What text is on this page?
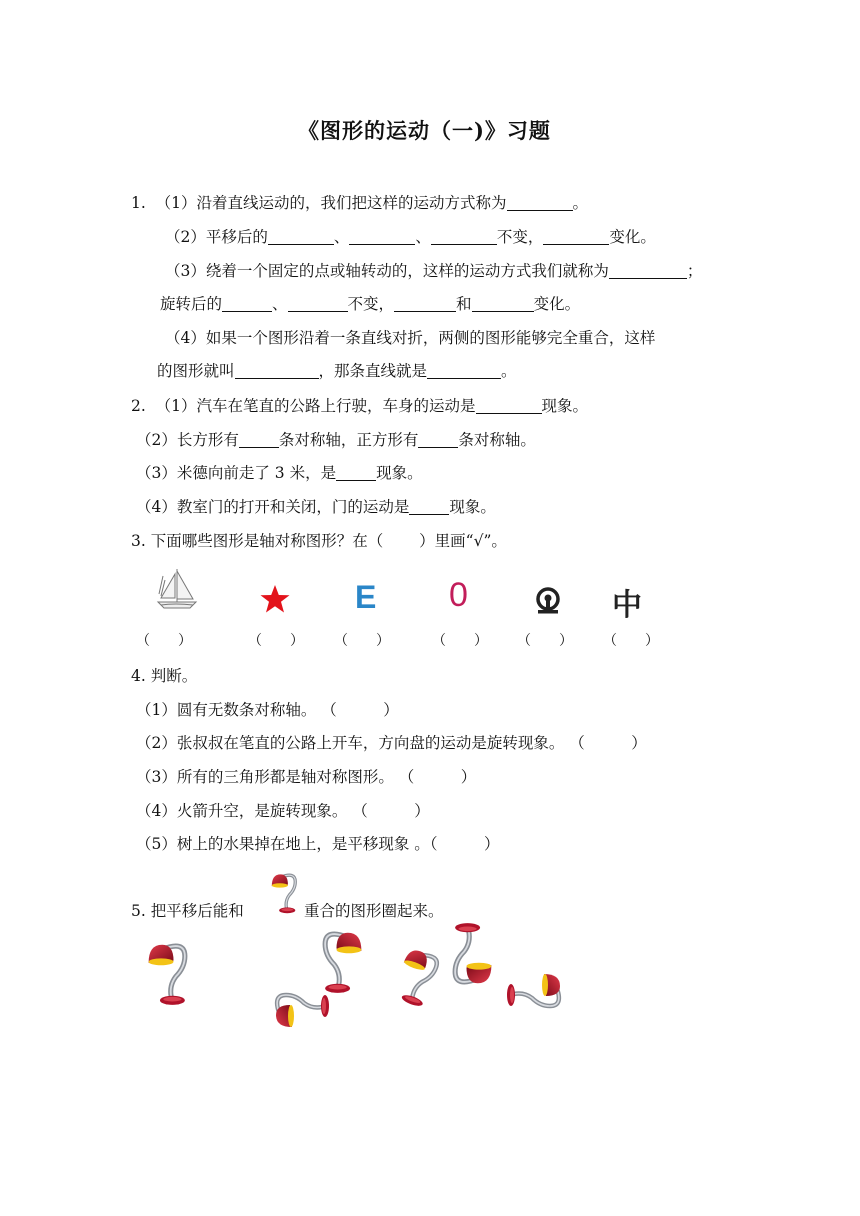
《图形的运动（一)》习题
1. （1）沿着直线运动的，我们把这样的运动方式称为	。
（2）平移后的	、	、	不变，	变化。
（3）绕着一个固定的点或轴转动的，这样的运动方式我们就称为	；
旋转后的	、	不变，	和	变化。
（4）如果一个图形沿着一条直线对折，两侧的图形能够完全重合，这样
的图形就叫	，那条直线就是	。
2. （1）汽车在笔直的公路上行驶，车身的运动是	现象。
（2）长方形有	条对称轴，正方形有	条对称轴。
（3）米德向前走了 3 米，是	现象。
（4）教室门的打开和关闭，门的运动是	现象。
3. 下面哪些图形是轴对称图形？在（　　 ）里画“√”。
E 0	中
（　　）	（　　） （　　）	（　　） （　　） （　　）
4. 判断。
（1）圆有无数条对称轴。 （　　　）
（2）张叔叔在笔直的公路上开车，方向盘的运动是旋转现象。 （　　　）
（3）所有的三角形都是轴对称图形。 （　　　）
（4）火箭升空，是旋转现象。 （　　　）
（5）树上的水果掉在地上，是平移现象 。（　　　）
5. 把平移后能和	重合的图形圈起来。
